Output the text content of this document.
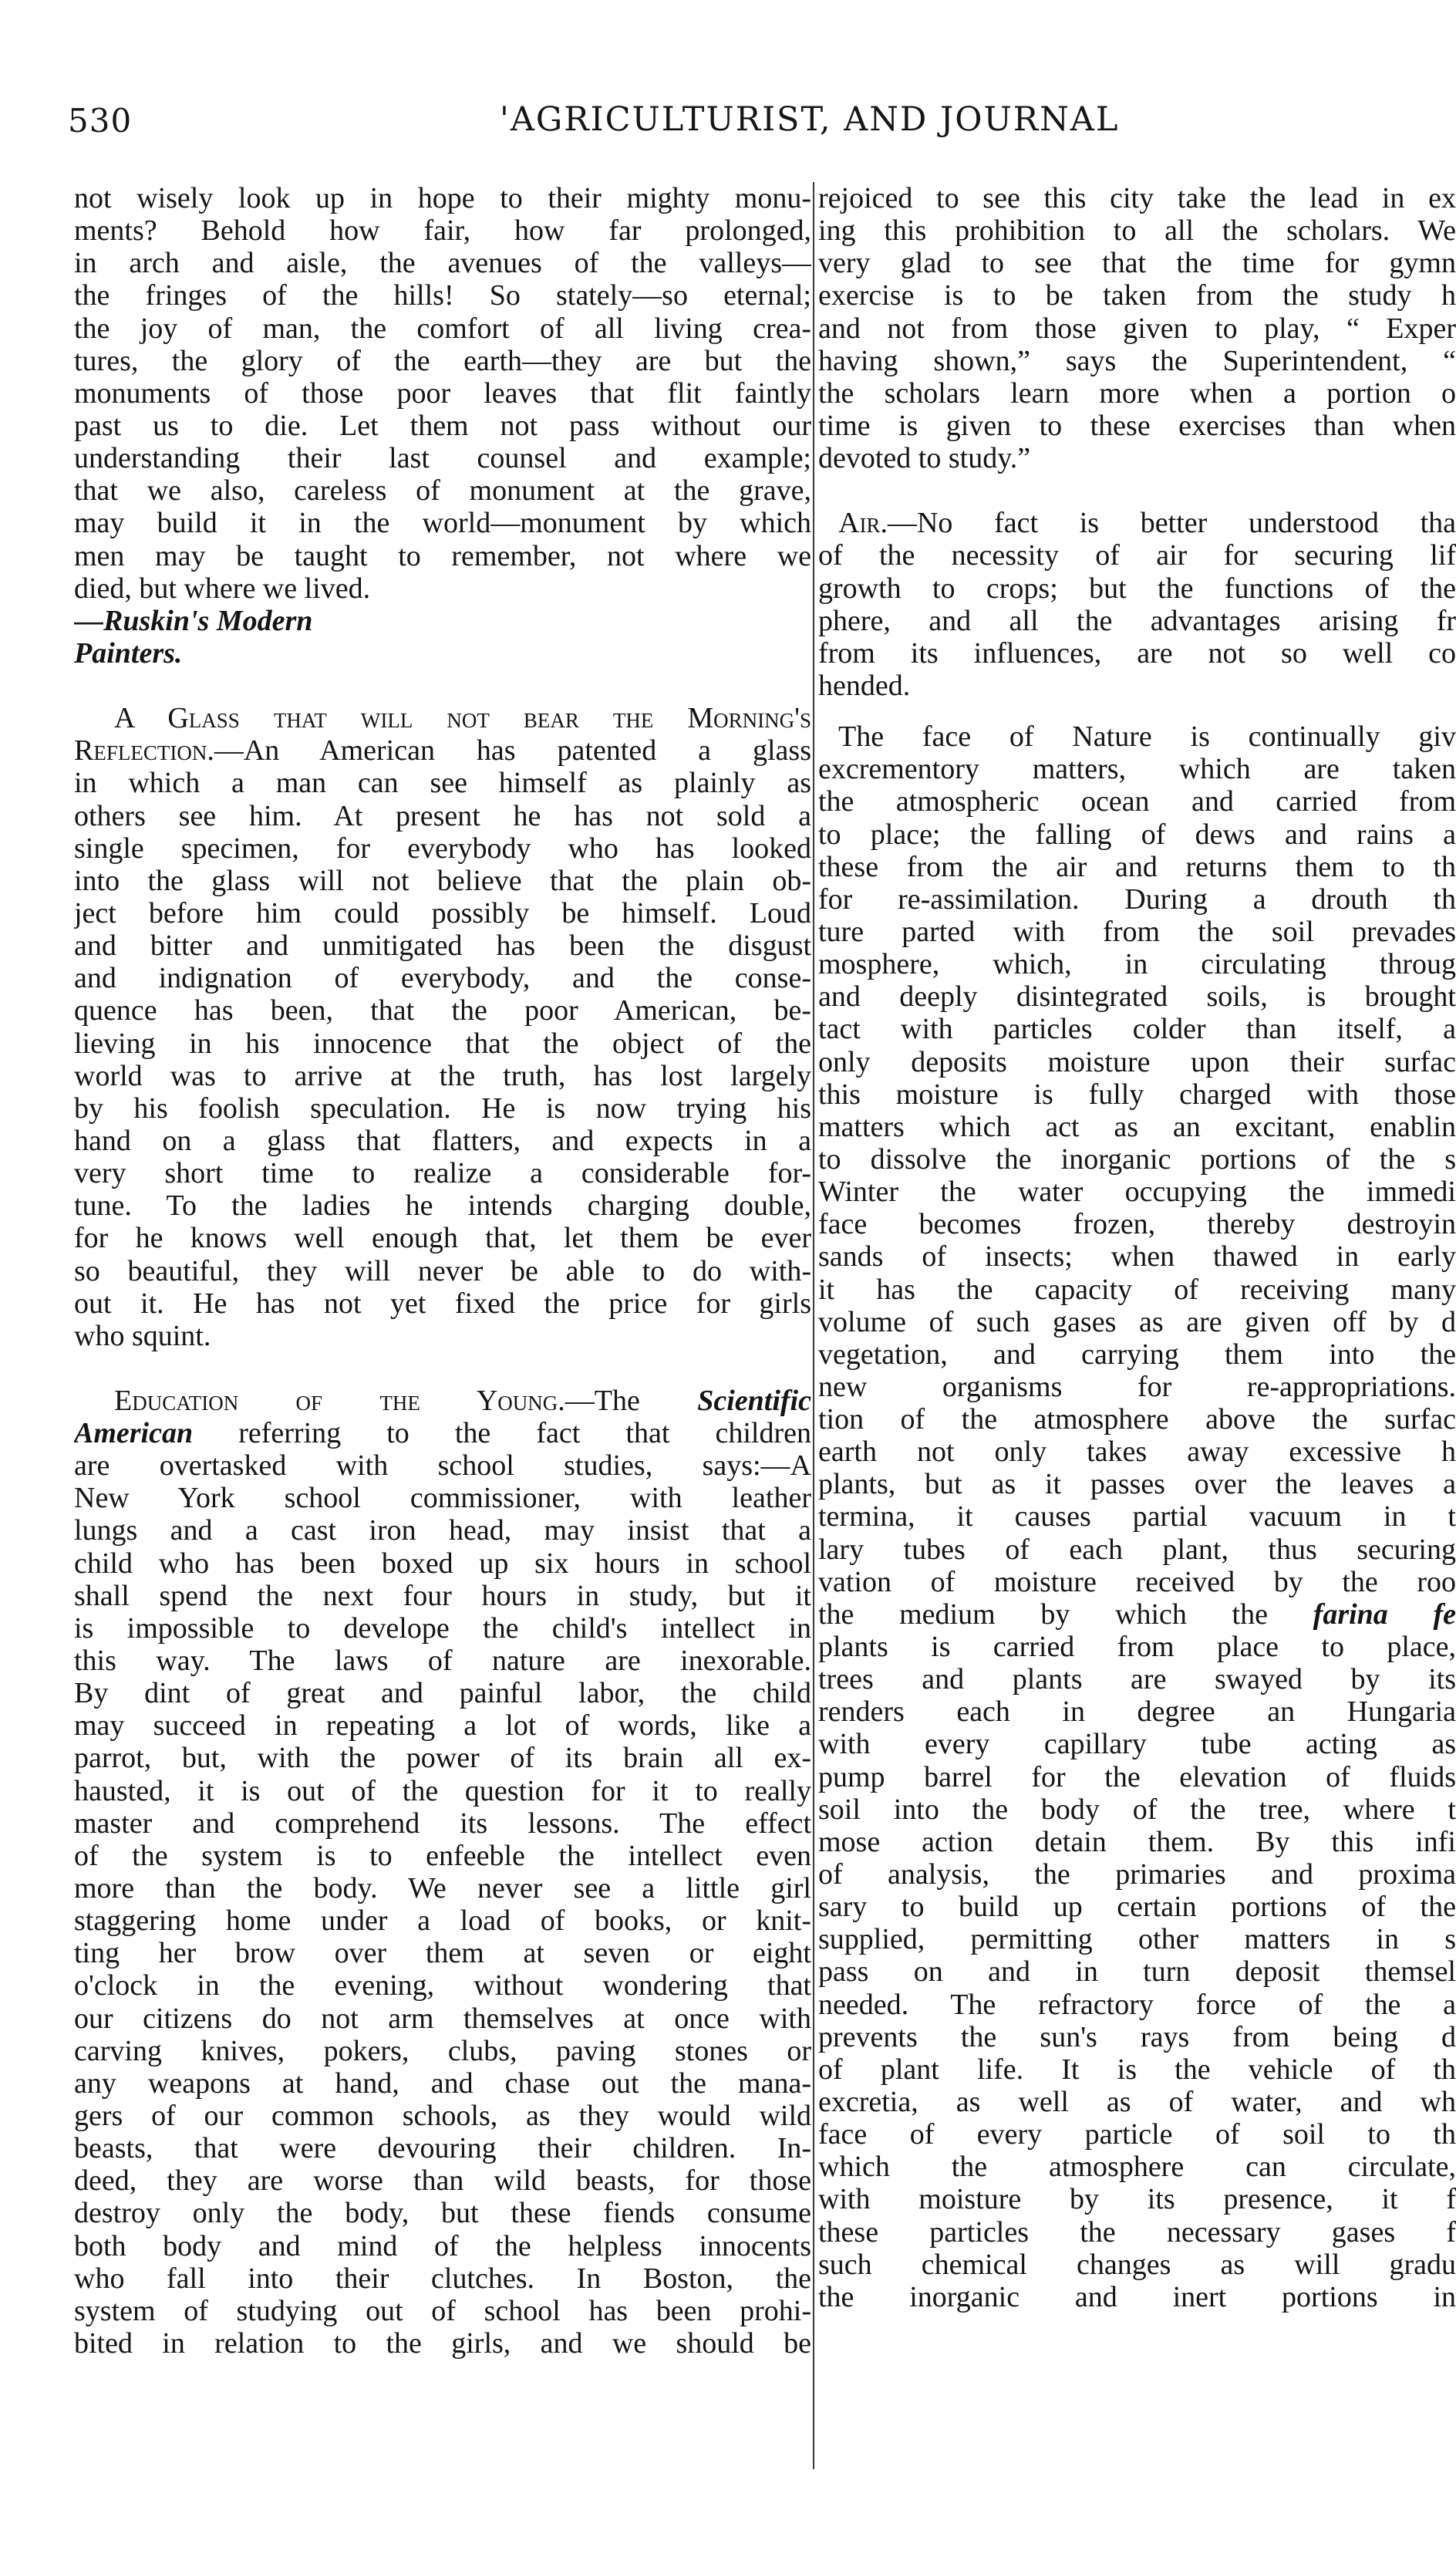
530	'AGRICULTURIST, AND JOURNAL
not wisely look up in hope to their mighty monu-
ments? Behold how fair, how far prolonged,
in arch and aisle, the avenues of the valleys—
the fringes of the hills! So stately—so eternal;
the joy of man, the comfort of all living crea-
tures, the glory of the earth—they are but the
monuments of those poor leaves that flit faintly
past us to die. Let them not pass without our
understanding their last counsel and example;
that we also, careless of monument at the grave,
may build it in the world—monument by which
men may be taught to remember, not where we
died, but where we lived.
—Ruskin's Modern
Painters.
A Glass that will not bear the Morning's
Reflection.—An American has patented a glass
in which a man can see himself as plainly as
others see him. At present he has not sold a
single specimen, for everybody who has looked
into the glass will not believe that the plain ob-
ject before him could possibly be himself. Loud
and bitter and unmitigated has been the disgust
and indignation of everybody, and the conse-
quence has been, that the poor American, be-
lieving in his innocence that the object of the
world was to arrive at the truth, has lost largely
by his foolish speculation. He is now trying his
hand on a glass that flatters, and expects in a
very short time to realize a considerable for-
tune. To the ladies he intends charging double,
for he knows well enough that, let them be ever
so beautiful, they will never be able to do with-
out it. He has not yet fixed the price for girls
who squint.
Education of the Young.—The Scientific
American referring to the fact that children
are overtasked with school studies, says:—A
New York school commissioner, with leather
lungs and a cast iron head, may insist that a
child who has been boxed up six hours in school
shall spend the next four hours in study, but it
is impossible to develope the child's intellect in
this way. The laws of nature are inexorable.
By dint of great and painful labor, the child
may succeed in repeating a lot of words, like a
parrot, but, with the power of its brain all ex-
hausted, it is out of the question for it to really
master and comprehend its lessons. The effect
of the system is to enfeeble the intellect even
more than the body. We never see a little girl
staggering home under a load of books, or knit-
ting her brow over them at seven or eight
o'clock in the evening, without wondering that
our citizens do not arm themselves at once with
carving knives, pokers, clubs, paving stones or
any weapons at hand, and chase out the mana-
gers of our common schools, as they would wild
beasts, that were devouring their children. In-
deed, they are worse than wild beasts, for those
destroy only the body, but these fiends consume
both body and mind of the helpless innocents
who fall into their clutches. In Boston, the
system of studying out of school has been prohi-
bited in relation to the girls, and we should be
rejoiced to see this city take the lead in ex
ing this prohibition to all the scholars. We
very glad to see that the time for gymn
exercise is to be taken from the study h
and not from those given to play, “ Exper
having shown,” says the Superintendent, “
the scholars learn more when a portion o
time is given to these exercises than when
devoted to study.”
Air.—No fact is better understood tha
of the necessity of air for securing lif
growth to crops; but the functions of the
phere, and all the advantages arising fr
from its influences, are not so well co
hended.
The face of Nature is continually giv
excrementory matters, which are taken
the atmospheric ocean and carried from
to place; the falling of dews and rains a
these from the air and returns them to th
for re-assimilation. During a drouth th
ture parted with from the soil prevades
mosphere, which, in circulating throug
and deeply disintegrated soils, is brought
tact with particles colder than itself, a
only deposits moisture upon their surfac
this moisture is fully charged with those
matters which act as an excitant, enablin
to dissolve the inorganic portions of the s
Winter the water occupying the immedi
face becomes frozen, thereby destroyin
sands of insects; when thawed in early
it has the capacity of receiving many
volume of such gases as are given off by d
vegetation, and carrying them into the
new organisms for re-appropriations.
tion of the atmosphere above the surfac
earth not only takes away excessive h
plants, but as it passes over the leaves a
termina, it causes partial vacuum in t
lary tubes of each plant, thus securing
vation of moisture received by the roo
the medium by which the farina fe
plants is carried from place to place,
trees and plants are swayed by its
renders each in degree an Hungaria
with every capillary tube acting as
pump barrel for the elevation of fluids
soil into the body of the tree, where t
mose action detain them. By this infi
of analysis, the primaries and proxima
sary to build up certain portions of the
supplied, permitting other matters in s
pass on and in turn deposit themsel
needed. The refractory force of the a
prevents the sun's rays from being d
of plant life. It is the vehicle of th
excretia, as well as of water, and wh
face of every particle of soil to th
which the atmosphere can circulate,
with moisture by its presence, it f
these particles the necessary gases f
such chemical changes as will gradu
the inorganic and inert portions in
